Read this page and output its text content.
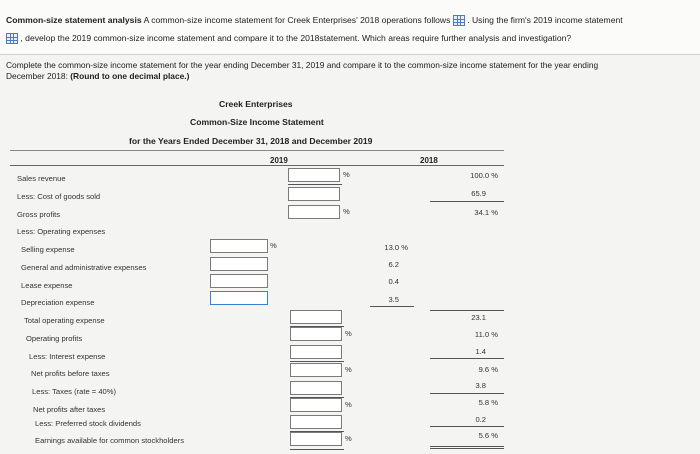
Common-size statement analysis A common-size income statement for Creek Enterprises' 2018 operations follows . Using the firm's 2019 income statement
, develop the 2019 common-size income statement and compare it to the 2018statement. Which areas require further analysis and investigation?
Complete the common-size income statement for the year ending December 31, 2019 and compare it to the common-size income statement for the year ending
December 2018: (Round to one decimal place.)
Creek Enterprises
Common-Size Income Statement
for the Years Ended December 31, 2018 and December 2019
2019	2018
Sales revenue
Less: Cost of goods sold
Gross profits
Less: Operating expenses
Selling expense
General and administrative expenses
Lease expense
Depreciation expense
Total operating expense
Operating profits
Less: Interest expense
Net profits before taxes
Less: Taxes (rate = 40%)
Net profits after taxes
Less: Preferred stock dividends
Earnings available for common stockholders
%
%
%
%
%
%
%
13.0 %
6.2
0.4
3.5
100.0 %
65.9
34.1 %
23.1
11.0 %
1.4
9.6 %
3.8
5.8 %
0.2
5.6 %
